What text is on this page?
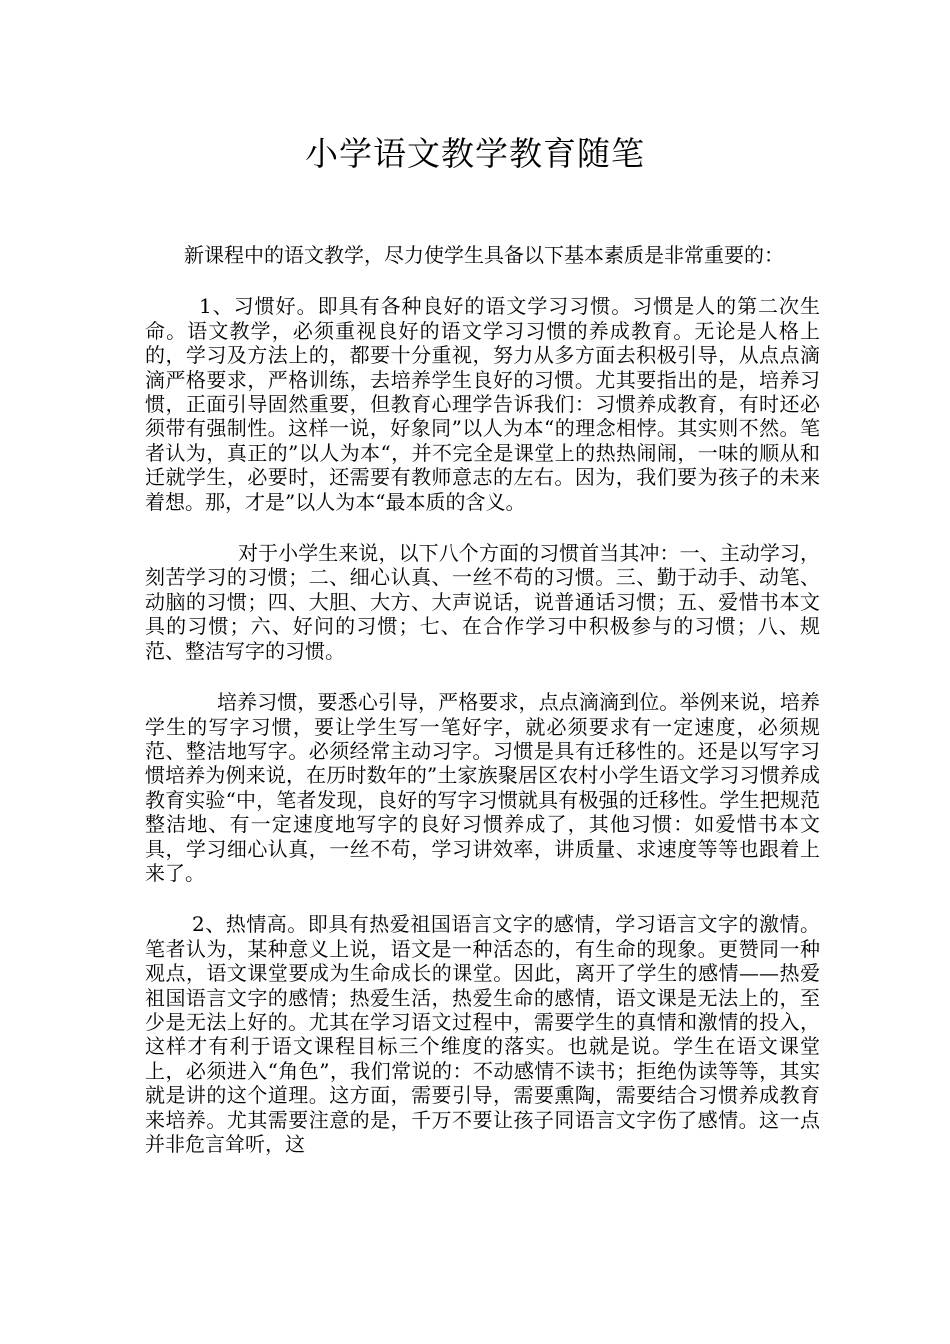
小学语文教学教育随笔

新课程中的语文教学，尽力使学生具备以下基本素质是非常重要的：

1、习惯好。即具有各种良好的语文学习习惯。习惯是人的第二次生命。语文教学，必须重视良好的语文学习习惯的养成教育。无论是人格上的，学习及方法上的，都要十分重视，努力从多方面去积极引导，从点点滴滴严格要求，严格训练，去培养学生良好的习惯。尤其要指出的是，培养习惯，正面引导固然重要，但教育心理学告诉我们：习惯养成教育，有时还必须带有强制性。这样一说，好象同”以人为本“的理念相悖。其实则不然。笔者认为，真正的”以人为本“，并不完全是课堂上的热热闹闹，一味的顺从和迁就学生，必要时，还需要有教师意志的左右。因为，我们要为孩子的未来着想。那，才是”以人为本“最本质的含义。

对于小学生来说，以下八个方面的习惯首当其冲：一、主动学习，刻苦学习的习惯；二、细心认真、一丝不苟的习惯。三、勤于动手、动笔、动脑的习惯；四、大胆、大方、大声说话，说普通话习惯；五、爱惜书本文具的习惯；六、好问的习惯；七、在合作学习中积极参与的习惯；八、规范、整洁写字的习惯。

培养习惯，要悉心引导，严格要求，点点滴滴到位。举例来说，培养学生的写字习惯，要让学生写一笔好字，就必须要求有一定速度，必须规范、整洁地写字。必须经常主动习字。习惯是具有迁移性的。还是以写字习惯培养为例来说，在历时数年的”土家族聚居区农村小学生语文学习习惯养成教育实验“中，笔者发现，良好的写字习惯就具有极强的迁移性。学生把规范整洁地、有一定速度地写字的良好习惯养成了，其他习惯：如爱惜书本文具，学习细心认真，一丝不苟，学习讲效率，讲质量、求速度等等也跟着上来了。

2、热情高。即具有热爱祖国语言文字的感情，学习语言文字的激情。笔者认为，某种意义上说，语文是一种活态的，有生命的现象。更赞同一种观点，语文课堂要成为生命成长的课堂。因此，离开了学生的感情——热爱祖国语言文字的感情；热爱生活，热爱生命的感情，语文课是无法上的，至少是无法上好的。尤其在学习语文过程中，需要学生的真情和激情的投入，这样才有利于语文课程目标三个维度的落实。也就是说。学生在语文课堂上，必须进入“角色”，我们常说的：不动感情不读书；拒绝伪读等等，其实就是讲的这个道理。这方面，需要引导，需要熏陶，需要结合习惯养成教育来培养。尤其需要注意的是，千万不要让孩子同语言文字伤了感情。这一点并非危言耸听，这
